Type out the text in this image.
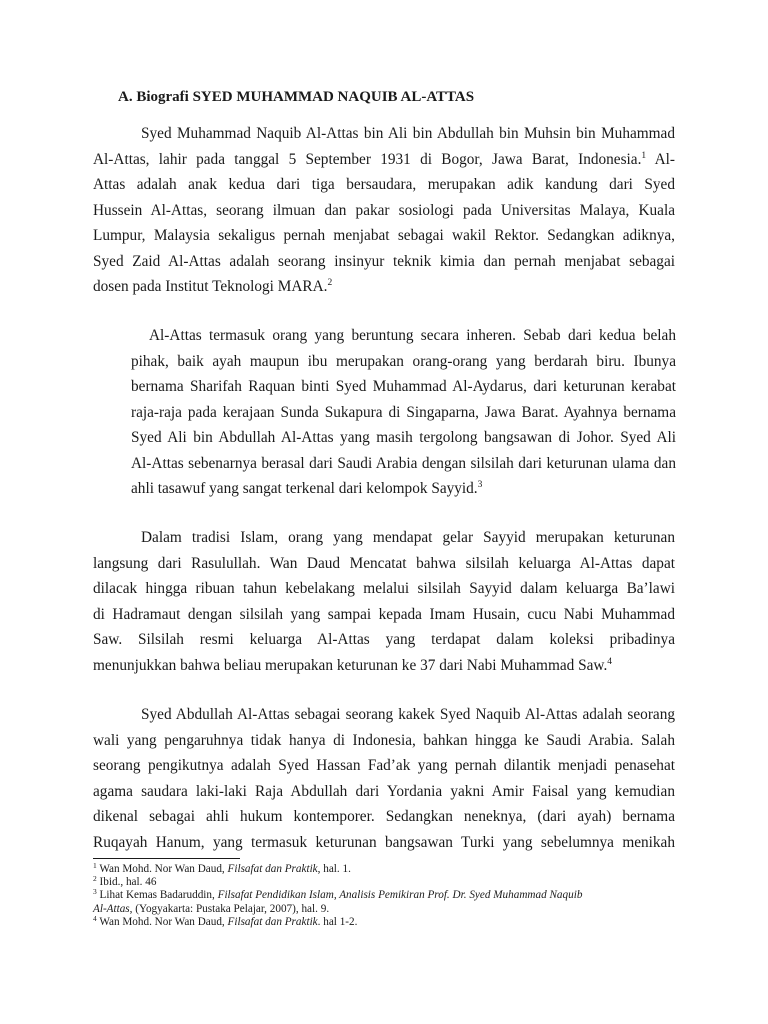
A. Biografi SYED MUHAMMAD NAQUIB AL-ATTAS
Syed Muhammad Naquib Al-Attas bin Ali bin Abdullah bin Muhsin bin Muhammad
Al-Attas, lahir pada tanggal 5 September 1931 di Bogor, Jawa Barat, Indonesia.$^1$ Al-
Attas adalah anak kedua dari tiga bersaudara, merupakan adik kandung dari Syed
Hussein Al-Attas, seorang ilmuan dan pakar sosiologi pada Universitas Malaya, Kuala
Lumpur, Malaysia sekaligus pernah menjabat sebagai wakil Rektor. Sedangkan adiknya,
Syed Zaid Al-Attas adalah seorang insinyur teknik kimia dan pernah menjabat sebagai
dosen pada Institut Teknologi MARA.$^2$
Al-Attas termasuk orang yang beruntung secara inheren. Sebab dari kedua belah
pihak, baik ayah maupun ibu merupakan orang-orang yang berdarah biru. Ibunya
bernama Sharifah Raquan binti Syed Muhammad Al-Aydarus, dari keturunan kerabat
raja-raja pada kerajaan Sunda Sukapura di Singaparna, Jawa Barat. Ayahnya bernama
Syed Ali bin Abdullah Al-Attas yang masih tergolong bangsawan di Johor. Syed Ali
Al-Attas sebenarnya berasal dari Saudi Arabia dengan silsilah dari keturunan ulama dan
ahli tasawuf yang sangat terkenal dari kelompok Sayyid.$^3$
Dalam tradisi Islam, orang yang mendapat gelar Sayyid merupakan keturunan
langsung dari Rasulullah. Wan Daud Mencatat bahwa silsilah keluarga Al-Attas dapat
dilacak hingga ribuan tahun kebelakang melalui silsilah Sayyid dalam keluarga Ba’lawi
di Hadramaut dengan silsilah yang sampai kepada Imam Husain, cucu Nabi Muhammad
Saw. Silsilah resmi keluarga Al-Attas yang terdapat dalam koleksi pribadinya
menunjukkan bahwa beliau merupakan keturunan ke 37 dari Nabi Muhammad Saw.$^4$
Syed Abdullah Al-Attas sebagai seorang kakek Syed Naquib Al-Attas adalah seorang
wali yang pengaruhnya tidak hanya di Indonesia, bahkan hingga ke Saudi Arabia. Salah
seorang pengikutnya adalah Syed Hassan Fad’ak yang pernah dilantik menjadi penasehat
agama saudara laki-laki Raja Abdullah dari Yordania yakni Amir Faisal yang kemudian
dikenal sebagai ahli hukum kontemporer. Sedangkan neneknya, (dari ayah) bernama
Ruqayah Hanum, yang termasuk keturunan bangsawan Turki yang sebelumnya menikah
$^1$ Wan Mohd. Nor Wan Daud, Filsafat dan Praktik, hal. 1.
$^2$ Ibid., hal. 46
$^3$ Lihat Kemas Badaruddin, Filsafat Pendidikan Islam, Analisis Pemikiran Prof. Dr. Syed Muhammad Naquib
Al-Attas, (Yogyakarta: Pustaka Pelajar, 2007), hal. 9.
$^4$ Wan Mohd. Nor Wan Daud, Filsafat dan Praktik. hal 1-2.
